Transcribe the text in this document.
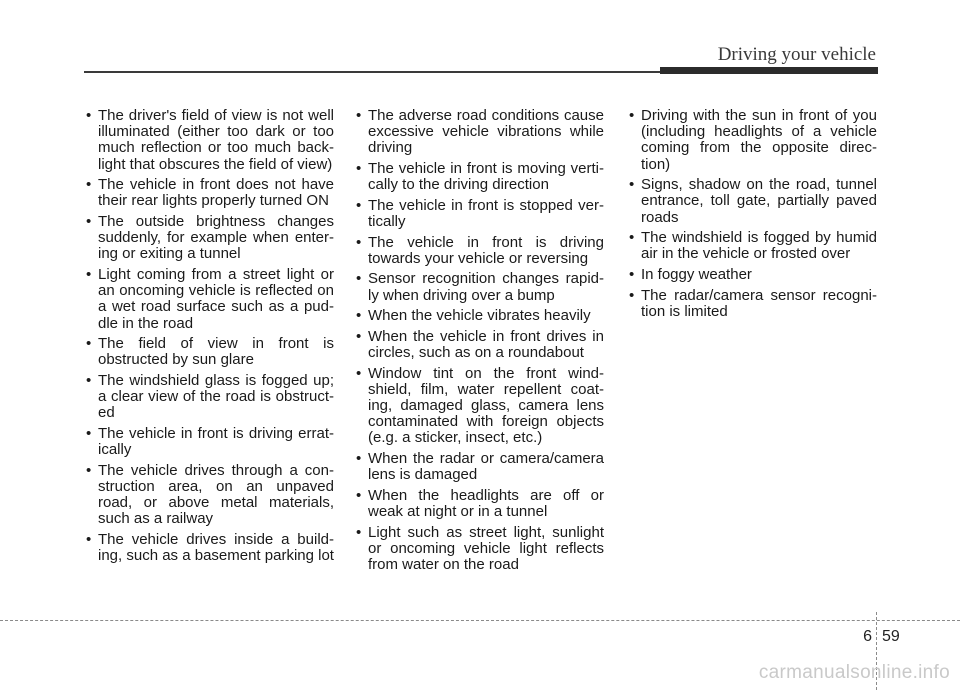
Driving your vehicle
• The driver's field of view is not well illuminated (either too dark or too much reflection or too much back-light that obscures the field of view)
• The vehicle in front does not have their rear lights properly turned ON
• The outside brightness changes suddenly, for example when enter-ing or exiting a tunnel
• Light coming from a street light or an oncoming vehicle is reflected on a wet road surface such as a pud-dle in the road
• The field of view in front is obstructed by sun glare
• The windshield glass is fogged up; a clear view of the road is obstruct-ed
• The vehicle in front is driving errat-ically
• The vehicle drives through a con-struction area, on an unpaved road, or above metal materials, such as a railway
• The vehicle drives inside a build-ing, such as a basement parking lot
• The adverse road conditions cause excessive vehicle vibrations while driving
• The vehicle in front is moving verti-cally to the driving direction
• The vehicle in front is stopped ver-tically
• The vehicle in front is driving towards your vehicle or reversing
• Sensor recognition changes rapid-ly when driving over a bump
• When the vehicle vibrates heavily
• When the vehicle in front drives in circles, such as on a roundabout
• Window tint on the front wind-shield, film, water repellent coat-ing, damaged glass, camera lens contaminated with foreign objects (e.g. a sticker, insect, etc.)
• When the radar or camera/camera lens is damaged
• When the headlights are off or weak at night or in a tunnel
• Light such as street light, sunlight or oncoming vehicle light reflects from water on the road
• Driving with the sun in front of you (including headlights of a vehicle coming from the opposite direc-tion)
• Signs, shadow on the road, tunnel entrance, toll gate, partially paved roads
• The windshield is fogged by humid air in the vehicle or frosted over
• In foggy weather
• The radar/camera sensor recogni-tion is limited
6 59
carmanualsonline.info
